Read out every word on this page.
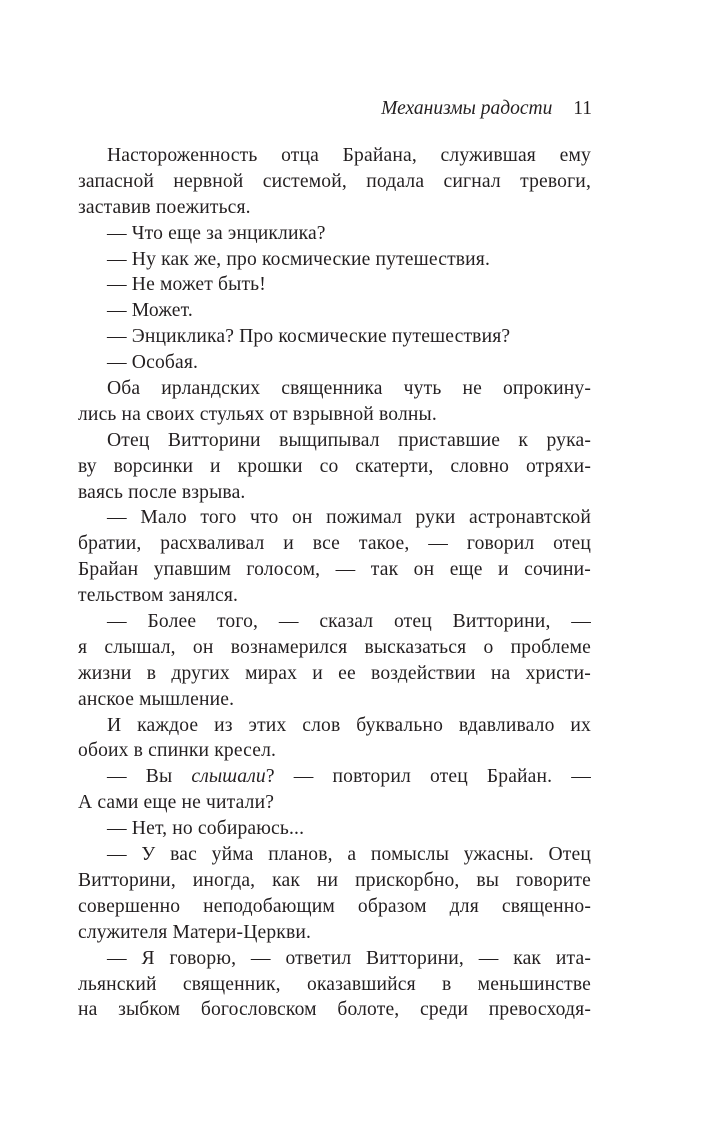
Механизмы радости 11
Настороженность отца Брайана, служившая ему
запасной нервной системой, подала сигнал тревоги,
заставив поежиться.
— Что еще за энциклика?
— Ну как же, про космические путешествия.
— Не может быть!
— Может.
— Энциклика? Про космические путешествия?
— Особая.
Оба ирландских священника чуть не опрокину-
лись на своих стульях от взрывной волны.
Отец Витторини выщипывал приставшие к рука-
ву ворсинки и крошки со скатерти, словно отряхи-
ваясь после взрыва.
— Мало того что он пожимал руки астронавтской
братии, расхваливал и все такое, — говорил отец
Брайан упавшим голосом, — так он еще и сочини-
тельством занялся.
— Более того, — сказал отец Витторини, —
я слышал, он вознамерился высказаться о проблеме
жизни в других мирах и ее воздействии на христи-
анское мышление.
И каждое из этих слов буквально вдавливало их
обоих в спинки кресел.
— Вы слышали? — повторил отец Брайан. —
А сами еще не читали?
— Нет, но собираюсь...
— У вас уйма планов, а помыслы ужасны. Отец
Витторини, иногда, как ни прискорбно, вы говорите
совершенно неподобающим образом для священно-
служителя Матери-Церкви.
— Я говорю, — ответил Витторини, — как ита-
льянский священник, оказавшийся в меньшинстве
на зыбком богословском болоте, среди превосходя-
